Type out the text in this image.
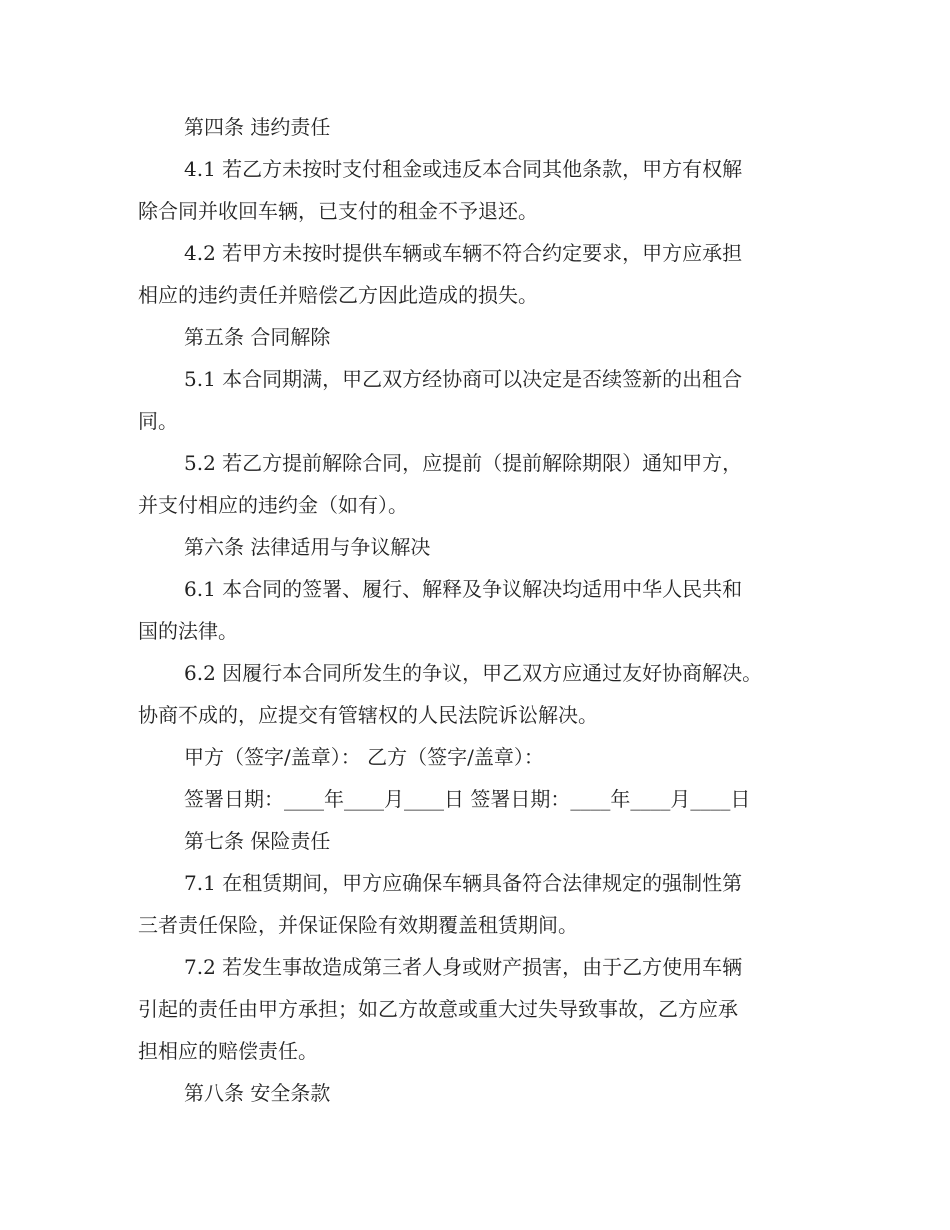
第四条 违约责任
4.1 若乙方未按时支付租金或违反本合同其他条款，甲方有权解
除合同并收回车辆，已支付的租金不予退还。
4.2 若甲方未按时提供车辆或车辆不符合约定要求，甲方应承担
相应的违约责任并赔偿乙方因此造成的损失。
第五条 合同解除
5.1 本合同期满，甲乙双方经协商可以决定是否续签新的出租合
同。
5.2 若乙方提前解除合同，应提前（提前解除期限）通知甲方，
并支付相应的违约金（如有）。
第六条 法律适用与争议解决
6.1 本合同的签署、履行、解释及争议解决均适用中华人民共和
国的法律。
6.2 因履行本合同所发生的争议，甲乙双方应通过友好协商解决。
协商不成的，应提交有管辖权的人民法院诉讼解决。
甲方（签字/盖章）： 乙方（签字/盖章）：
签署日期：____年____月____日 签署日期：____年____月____日
第七条 保险责任
7.1 在租赁期间，甲方应确保车辆具备符合法律规定的强制性第
三者责任保险，并保证保险有效期覆盖租赁期间。
7.2 若发生事故造成第三者人身或财产损害，由于乙方使用车辆
引起的责任由甲方承担；如乙方故意或重大过失导致事故，乙方应承
担相应的赔偿责任。
第八条 安全条款
